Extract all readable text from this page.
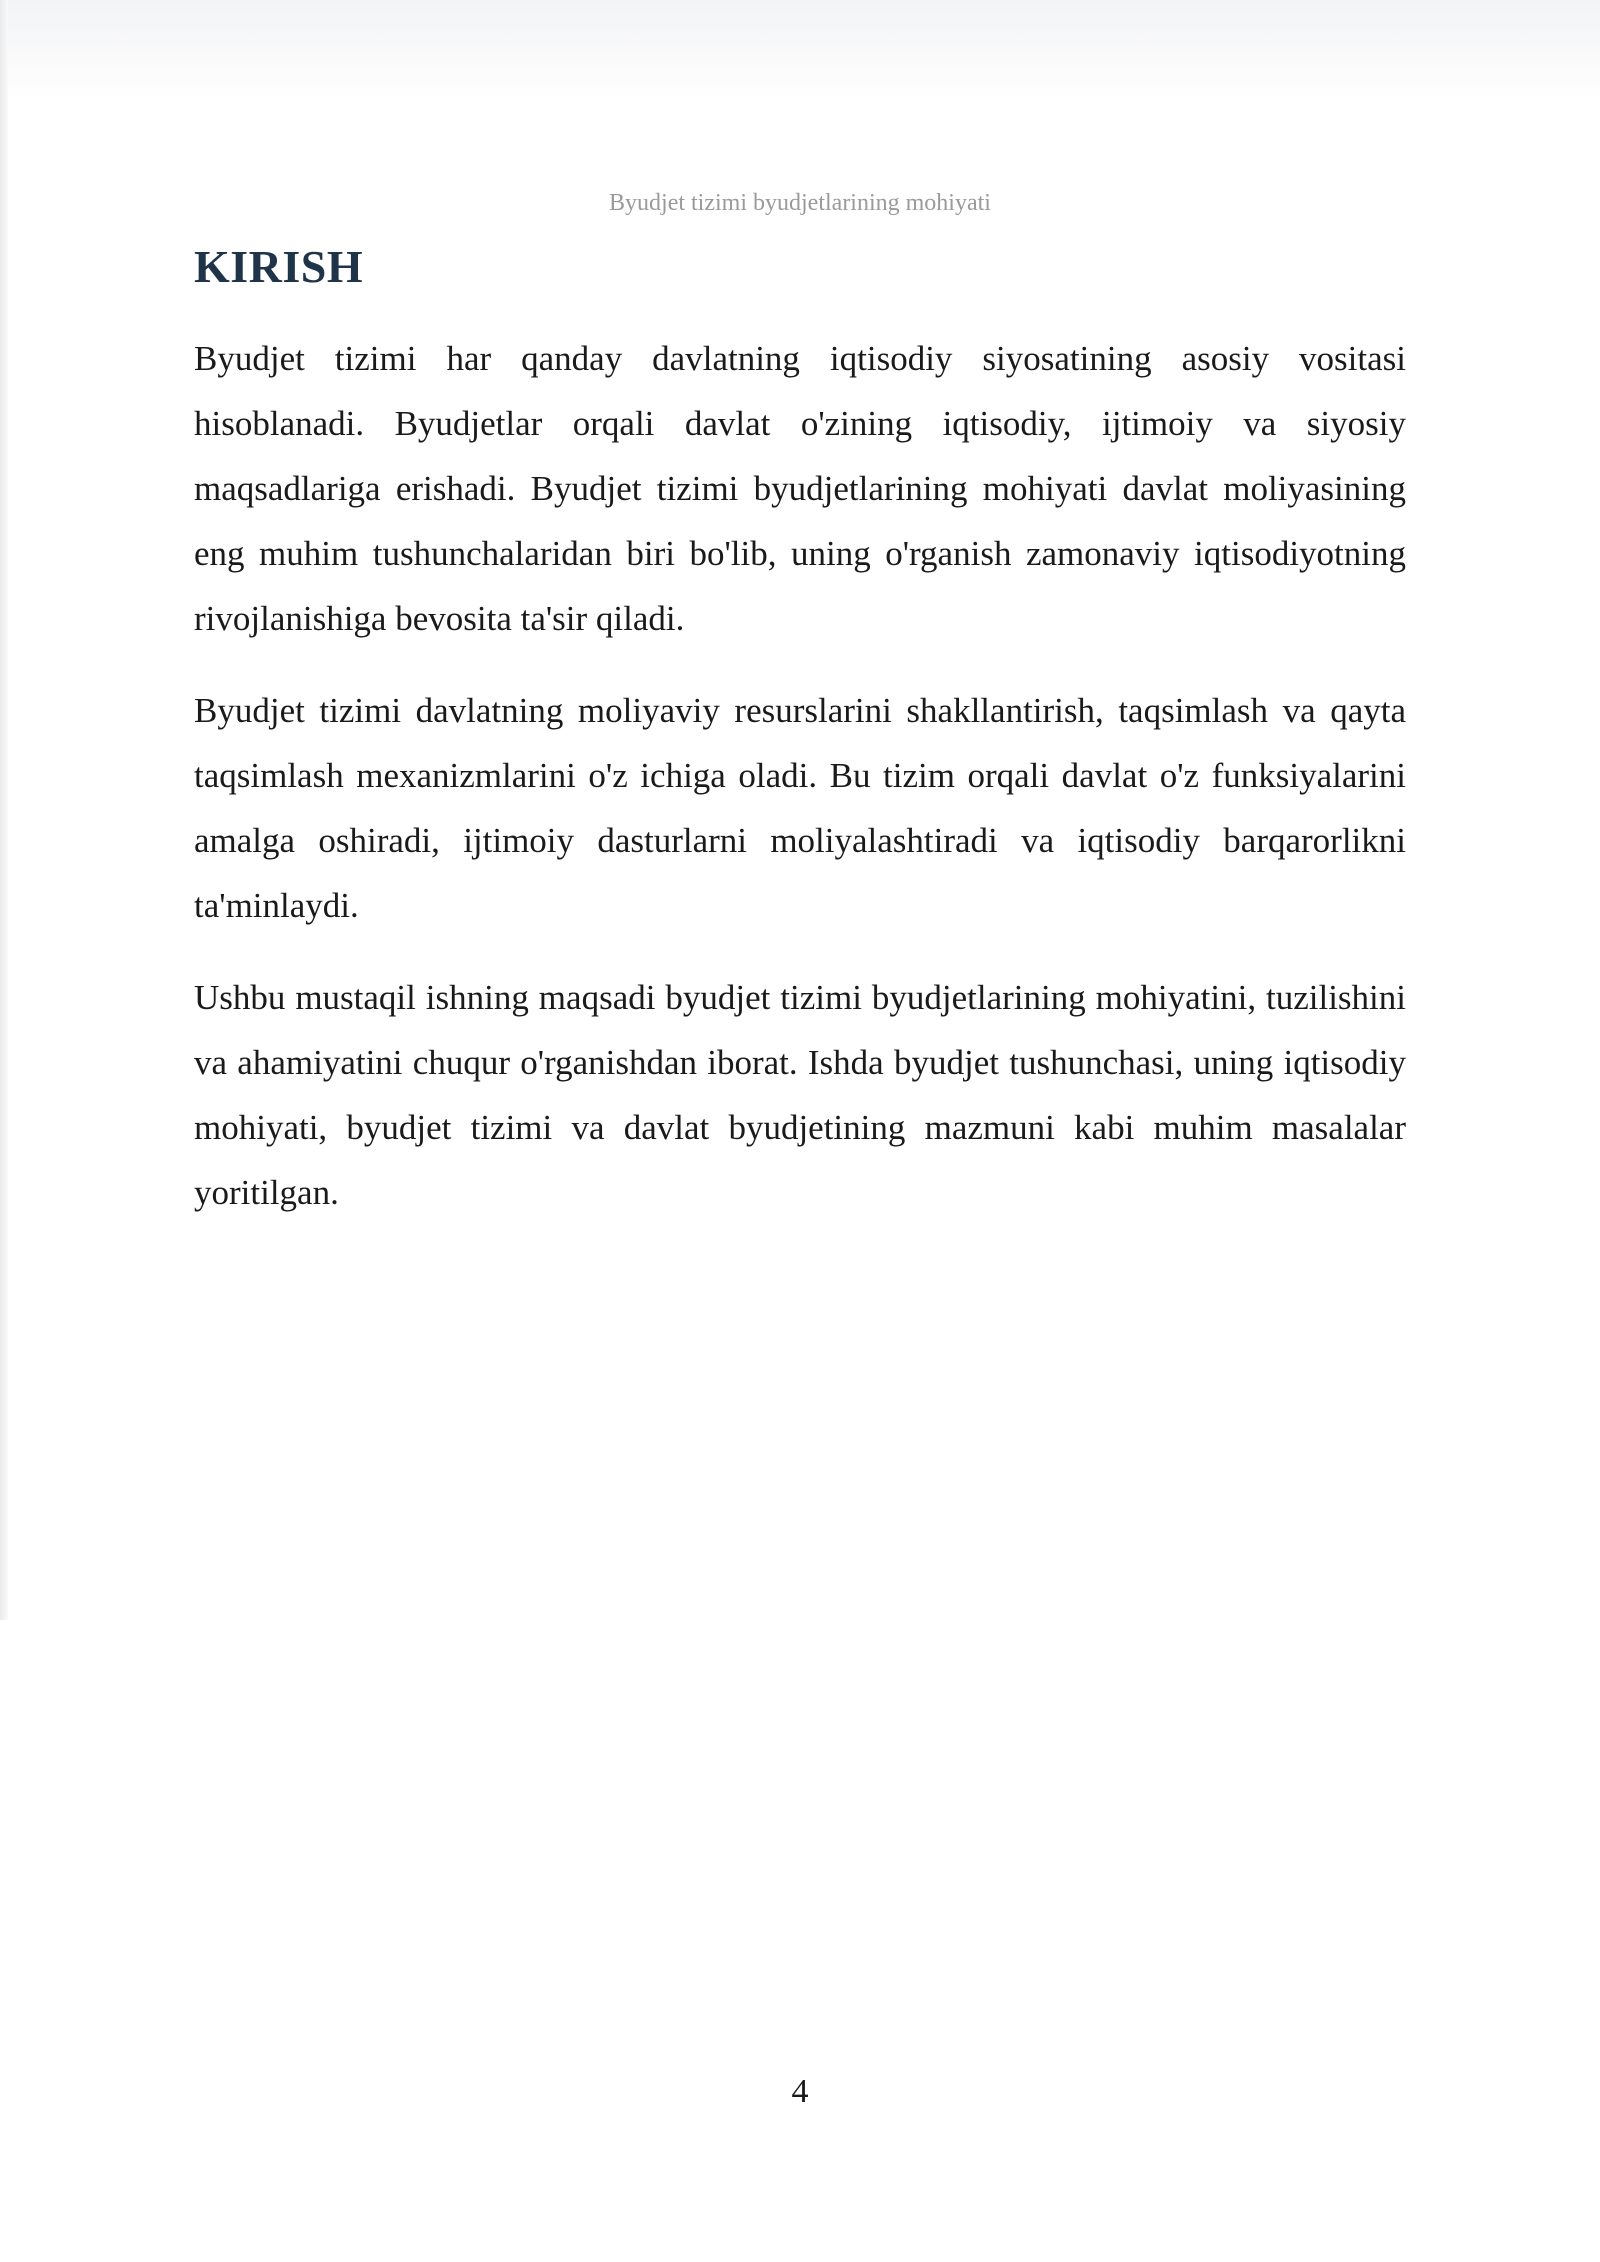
Byudjet tizimi byudjetlarining mohiyati

KIRISH

Byudjet tizimi har qanday davlatning iqtisodiy siyosatining asosiy vositasi hisoblanadi. Byudjetlar orqali davlat o'zining iqtisodiy, ijtimoiy va siyosiy maqsadlariga erishadi. Byudjet tizimi byudjetlarining mohiyati davlat moliyasining eng muhim tushunchalaridan biri bo'lib, uning o'rganish zamonaviy iqtisodiyotning rivojlanishiga bevosita ta'sir qiladi.

Byudjet tizimi davlatning moliyaviy resurslarini shakllantirish, taqsimlash va qayta taqsimlash mexanizmlarini o'z ichiga oladi. Bu tizim orqali davlat o'z funksiyalarini amalga oshiradi, ijtimoiy dasturlarni moliyalashtiradi va iqtisodiy barqarorlikni ta'minlaydi.

Ushbu mustaqil ishning maqsadi byudjet tizimi byudjetlarining mohiyatini, tuzilishini va ahamiyatini chuqur o'rganishdan iborat. Ishda byudjet tushunchasi, uning iqtisodiy mohiyati, byudjet tizimi va davlat byudjetining mazmuni kabi muhim masalalar yoritilgan.

4
